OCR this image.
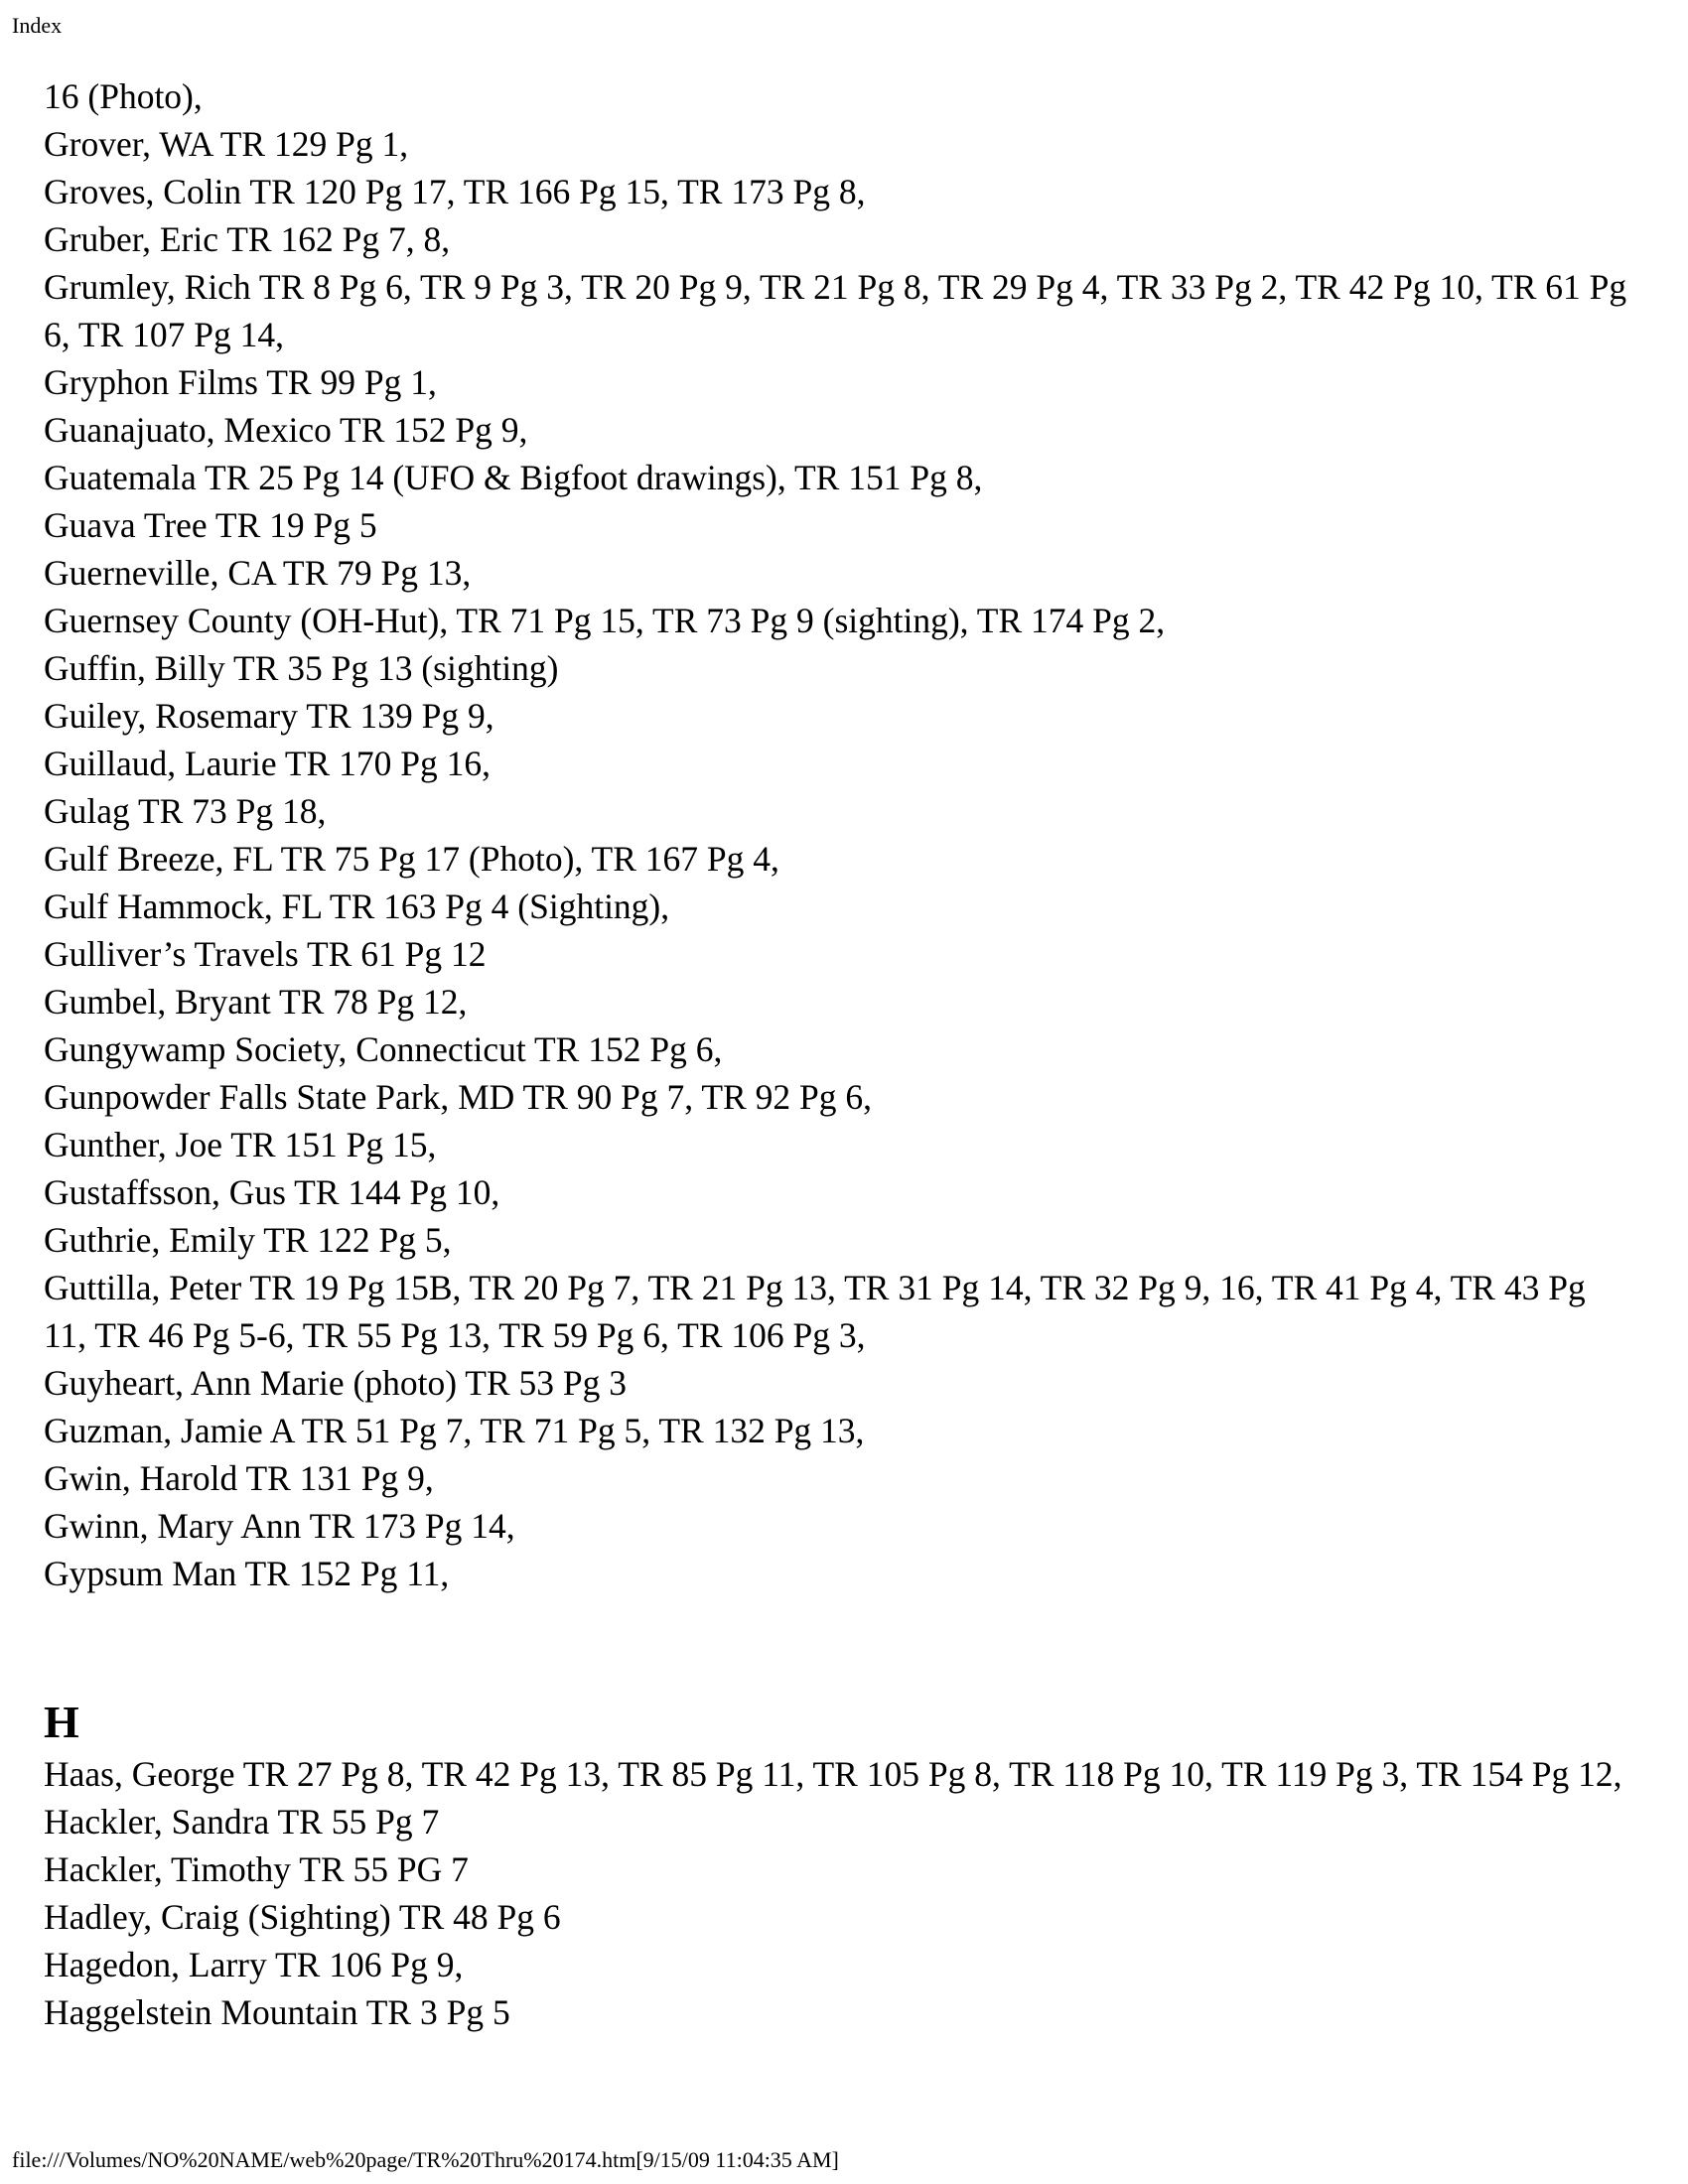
Index

16 (Photo),

Grover, WA TR 129 Pg 1,

Groves, Colin TR 120 Pg 17, TR 166 Pg 15, TR 173 Pg 8,

Gruber, Eric TR 162 Pg 7, 8,

Grumley, Rich TR 8 Pg 6, TR 9 Pg 3, TR 20 Pg 9, TR 21 Pg 8, TR 29 Pg 4, TR 33 Pg 2, TR 42 Pg 10, TR 61 Pg 6, TR 107 Pg 14,

Gryphon Films TR 99 Pg 1,

Guanajuato, Mexico TR 152 Pg 9,

Guatemala TR 25 Pg 14 (UFO & Bigfoot drawings), TR 151 Pg 8,

Guava Tree TR 19 Pg 5

Guerneville, CA TR 79 Pg 13,

Guernsey County (OH-Hut), TR 71 Pg 15, TR 73 Pg 9 (sighting), TR 174 Pg 2,

Guffin, Billy TR 35 Pg 13 (sighting)

Guiley, Rosemary TR 139 Pg 9,

Guillaud, Laurie TR 170 Pg 16,

Gulag TR 73 Pg 18,

Gulf Breeze, FL TR 75 Pg 17 (Photo), TR 167 Pg 4,

Gulf Hammock, FL TR 163 Pg 4 (Sighting),

Gulliver’s Travels TR 61 Pg 12

Gumbel, Bryant TR 78 Pg 12,

Gungywamp Society, Connecticut TR 152 Pg 6,

Gunpowder Falls State Park, MD TR 90 Pg 7, TR 92 Pg 6,

Gunther, Joe TR 151 Pg 15,

Gustaffsson, Gus TR 144 Pg 10,

Guthrie, Emily TR 122 Pg 5,

Guttilla, Peter TR 19 Pg 15B, TR 20 Pg 7, TR 21 Pg 13, TR 31 Pg 14, TR 32 Pg 9, 16, TR 41 Pg 4, TR 43 Pg 11, TR 46 Pg 5-6, TR 55 Pg 13, TR 59 Pg 6, TR 106 Pg 3,

Guyheart, Ann Marie (photo) TR 53 Pg 3

Guzman, Jamie A TR 51 Pg 7, TR 71 Pg 5, TR 132 Pg 13,

Gwin, Harold TR 131 Pg 9,

Gwinn, Mary Ann TR 173 Pg 14,

Gypsum Man TR 152 Pg 11,

H

Haas, George TR 27 Pg 8, TR 42 Pg 13, TR 85 Pg 11, TR 105 Pg 8, TR 118 Pg 10, TR 119 Pg 3, TR 154 Pg 12,

Hackler, Sandra TR 55 Pg 7

Hackler, Timothy TR 55 PG 7

Hadley, Craig (Sighting) TR 48 Pg 6

Hagedon, Larry TR 106 Pg 9,

Haggelstein Mountain TR 3 Pg 5

file:///Volumes/NO%20NAME/web%20page/TR%20Thru%20174.htm[9/15/09 11:04:35 AM]
